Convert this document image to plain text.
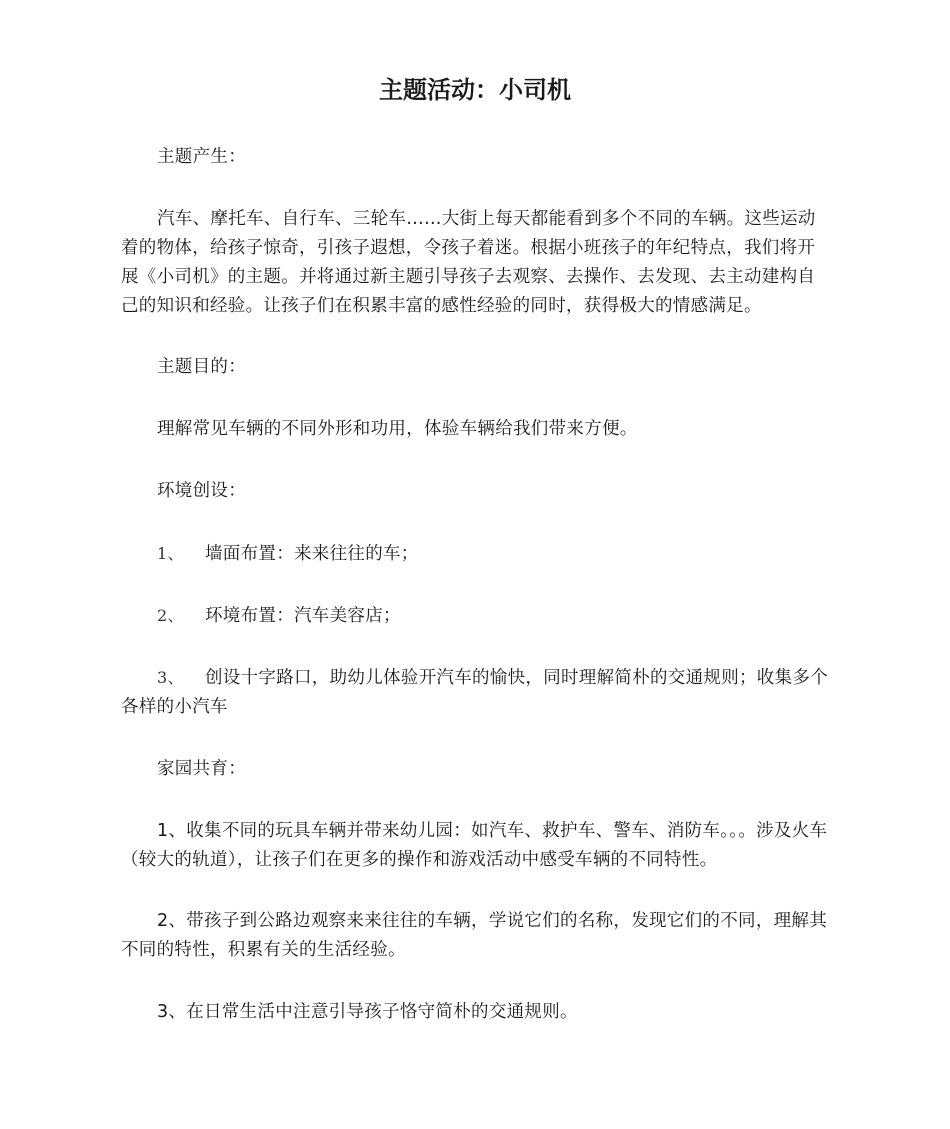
主题活动：小司机

主题产生：

汽车、摩托车、自行车、三轮车……大街上每天都能看到多个不同的车辆。这些运动着的物体，给孩子惊奇，引孩子遐想，令孩子着迷。根据小班孩子的年纪特点，我们将开展《小司机》的主题。并将通过新主题引导孩子去观察、去操作、去发现、去主动建构自己的知识和经验。让孩子们在积累丰富的感性经验的同时，获得极大的情感满足。

主题目的：

理解常见车辆的不同外形和功用，体验车辆给我们带来方便。

环境创设：

1、 墙面布置：来来往往的车；

2、 环境布置：汽车美容店；

3、 创设十字路口，助幼儿体验开汽车的愉快，同时理解简朴的交通规则；收集多个各样的小汽车

家园共育：

1、收集不同的玩具车辆并带来幼儿园：如汽车、救护车、警车、消防车。。。涉及火车（较大的轨道），让孩子们在更多的操作和游戏活动中感受车辆的不同特性。

2、带孩子到公路边观察来来往往的车辆，学说它们的名称，发现它们的不同，理解其不同的特性，积累有关的生活经验。

3、在日常生活中注意引导孩子恪守简朴的交通规则。
